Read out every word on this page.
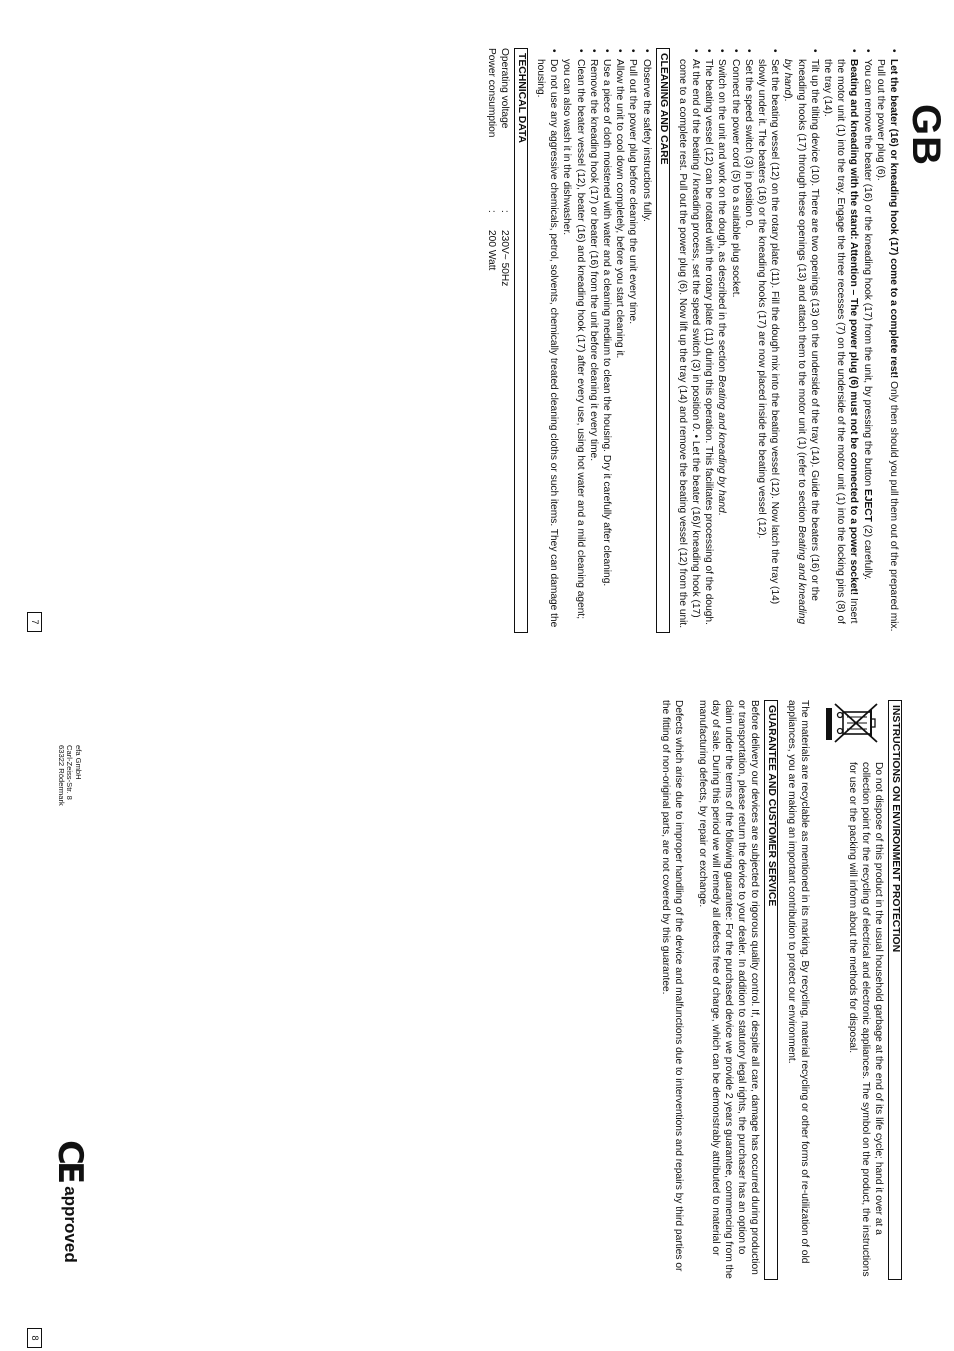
• Let the beater (16) or kneading hook (17) come to a complete rest! Only then should you pull them out of the prepared mix. Pull out the power plug (6).
• You can remove the beater (16) or the kneading hook (17) from the unit, by pressing the button EJECT (2) carefully.
• Beating and kneading with the stand: Attention – The power plug (6) must not be connected to a power socket! Insert the motor unit (1) into the tray. Engage the three recesses (7) on the underside of the motor unit (1) into the locking pins (8) of the tray (14).
• Tilt up the tilting device (10). There are two openings (13) on the underside of the tray (14). Guide the beaters (16) or the kneading hooks (17) through these openings (13) and attach them to the motor unit (1) (refer to section Beating and kneading by hand).
• Set the beating vessel (12) on the rotary plate (11). Fill the dough mix into the beating vessel (12). Now latch the tray (14) slowly under it. The beaters (16) or the kneading hooks (17) are now placed inside the beating vessel (12).
• Set the speed switch (3) in position 0.
• Connect the power cord (5) to a suitable plug socket.
• Switch on the unit and work on the dough, as described in the section Beating and kneading by hand.
• The beating vessel (12) can be rotated with the rotary plate (11) during this operation. This facilitates processing of the dough.
• At the end of the beating / kneading process, set the speed switch (3) in position 0. • Let the beater (16)/ kneading hook (17) come to a complete rest. Pull out the power plug (6). Now lift up the tray (14) and remove the beating vessel (12) from the unit.
CLEANING AND CARE
• Observe the safety instructions fully.
• Pull out the power plug before cleaning the unit every time.
• Allow the unit to cool down completely, before you start cleaning it.
• Use a piece of cloth moistened with water and a cleaning medium to clean the housing. Dry it carefully after cleaning.
• Remove the kneading hook (17) or beater (16) from the unit before cleaning it every time.
• Clean the beater vessel (12), beater (16) and kneading hook (17) after every use, using hot water and a mild cleaning agent; you can also wash it in the dishwasher.
• Do not use any aggressive chemicals, petrol, solvents, chemically treated cleaning cloths or such items. They can damage the housing.
TECHNICAL DATA
Operating voltage	:	230V~ 50Hz
Power consumption	:	200 Watt
GB
7
INSTRUCTIONS ON ENVIRONMENT PROTECTION

Do not dispose of this product in the usual household garbage at the end of its life cycle; hand it over at a collection point for the recycling of electrical and electronic appliances. The symbol on the product, the instructions for use or the packing will inform about the methods for disposal.

The materials are recyclable as mentioned in its marking. By recycling, material recycling or other forms of re-utilization of old appliances, you are making an important contribution to protect our environment.

GUARANTEE AND CUSTOMER SERVICE

Before delivery our devices are subjected to rigorous quality control. If, despite all care, damage has occurred during production or transportation, please return the device to your dealer. In addition to statutory legal rights, the purchaser has an option to claim under the terms of the following guarantee: For the purchased device we provide 2 years guarantee, commencing from the day of sale. During this period we will remedy all defects free of charge, which can be demonstrably attributed to material or manufacturing defects, by repair or exchange.

Defects which arise due to improper handling of the device and malfunctions due to interventions and repairs by third parties or the fitting of non-original parts, are not covered by this guarantee.

efa GmbH
Carl-Zeiss-Str. 8
63322 Rödermark
CE
approved
8
